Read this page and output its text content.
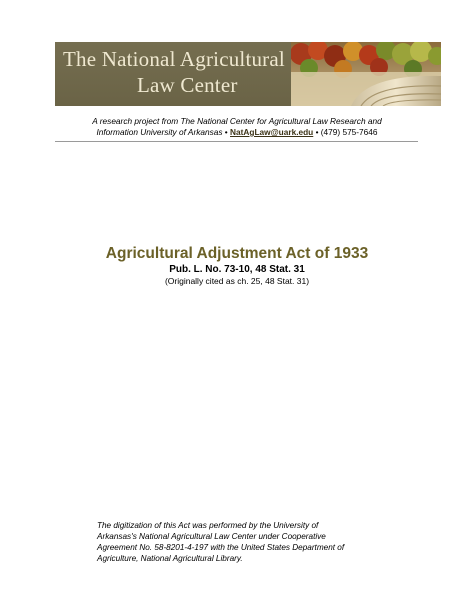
The National Agricultural
Law Center
A research project from The National Center for Agricultural Law Research and
Information University of Arkansas • NatAgLaw@uark.edu • (479) 575-7646
Agricultural Adjustment Act of 1933
Pub. L. No. 73-10, 48 Stat. 31
(Originally cited as ch. 25, 48 Stat. 31)
The digitization of this Act was performed by the University of
Arkansas's National Agricultural Law Center under Cooperative
Agreement No. 58-8201-4-197 with the United States Department of
Agriculture, National Agricultural Library.
